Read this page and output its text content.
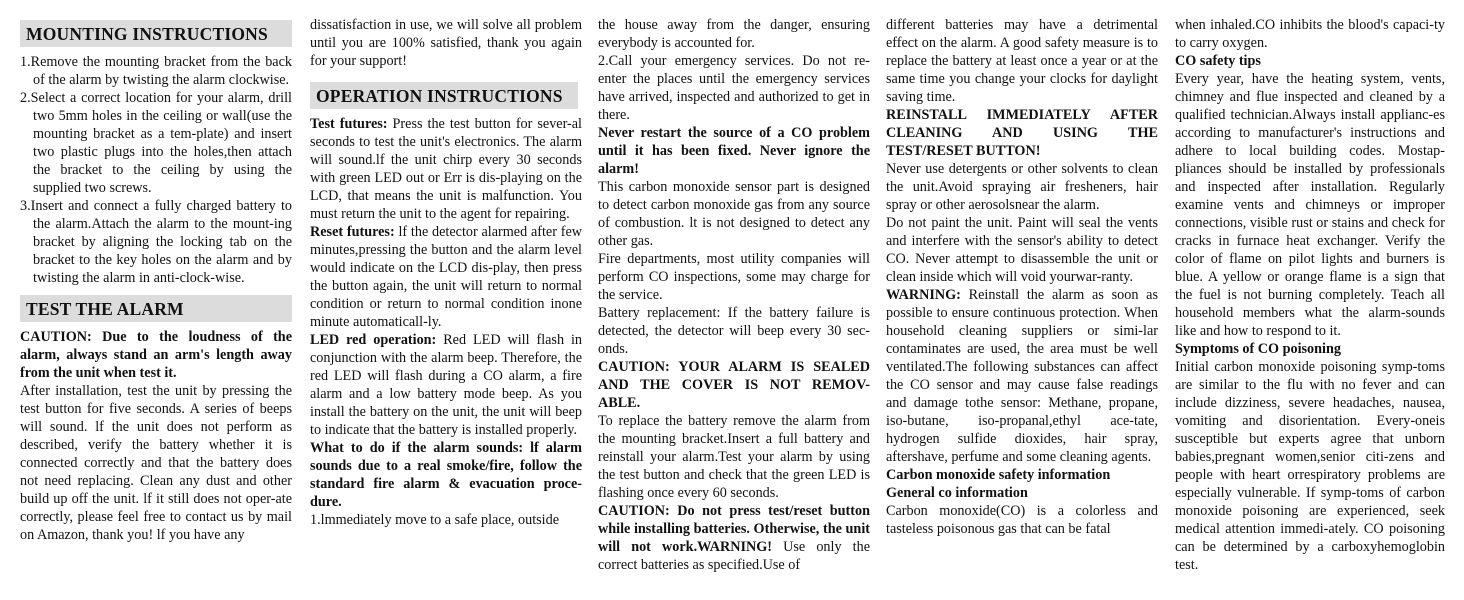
MOUNTING INSTRUCTIONS

1.Remove the mounting bracket from the back of the alarm by twisting the alarm clockwise.

2.Select a correct location for your alarm, drill two 5mm holes in the ceiling or wall(use the mounting bracket as a tem-plate) and insert two plastic plugs into the holes,then attach the bracket to the ceiling by using the supplied two screws.

3.Insert and connect a fully charged battery to the alarm.Attach the alarm to the mount-ing bracket by aligning the locking tab on the bracket to the key holes on the alarm and by twisting the alarm in anti-clock-wise.

TEST THE ALARM

CAUTION: Due to the loudness of the alarm, always stand an arm's length away from the unit when test it.

After installation, test the unit by pressing the test button for five seconds. A series of beeps will sound. lf the unit does not perform as described, verify the battery whether it is connected correctly and that the battery does not need replacing. Clean any dust and other build up off the unit. lf it still does not oper-ate correctly, please feel free to contact us by mail on Amazon, thank you! lf you have any

dissatisfaction in use, we will solve all problem until you are 100% satisfied, thank you again for your support!

OPERATION INSTRUCTIONS

Test futures: Press the test button for sever-al seconds to test the unit's electronics. The alarm will sound.lf the unit chirp every 30 seconds with green LED out or Err is dis-playing on the LCD, that means the unit is malfunction. You must return the unit to the agent for repairing.

Reset futures: lf the detector alarmed after few minutes,pressing the button and the alarm level would indicate on the LCD dis-play, then press the button again, the unit will return to normal condition or return to normal condition inone minute automaticall-ly.

LED red operation: Red LED will flash in conjunction with the alarm beep. Therefore, the red LED will flash during a CO alarm, a fire alarm and a low battery mode beep. As you install the battery on the unit, the unit will beep to indicate that the battery is installed properly.

What to do if the alarm sounds: lf alarm sounds due to a real smoke/fire, follow the standard fire alarm & evacuation proce-dure.

1.lmmediately move to a safe place, outside

the house away from the danger, ensuring everybody is accounted for.

2.Call your emergency services. Do not re-enter the places until the emergency services have arrived, inspected and authorized to get in there.

Never restart the source of a CO problem until it has been fixed. Never ignore the alarm!

This carbon monoxide sensor part is designed to detect carbon monoxide gas from any source of combustion. lt is not designed to detect any other gas.

Fire departments, most utility companies will perform CO inspections, some may charge for the service.

Battery replacement: If the battery failure is detected, the detector will beep every 30 sec-onds.

CAUTION: YOUR ALARM IS SEALED AND THE COVER IS NOT REMOV-ABLE.

To replace the battery remove the alarm from the mounting bracket.Insert a full battery and reinstall your alarm.Test your alarm by using the test button and check that the green LED is flashing once every 60 seconds.

CAUTION: Do not press test/reset button while installing batteries. Otherwise, the unit will not work.WARNING! Use only the correct batteries as specified.Use of

different batteries may have a detrimental effect on the alarm. A good safety measure is to replace the battery at least once a year or at the same time you change your clocks for daylight saving time.

REINSTALL IMMEDIATELY AFTER CLEANING AND USING THE TEST/RESET BUTTON!

Never use detergents or other solvents to clean the unit.Avoid spraying air fresheners, hair spray or other aerosolsnear the alarm.

Do not paint the unit. Paint will seal the vents and interfere with the sensor's ability to detect CO. Never attempt to disassemble the unit or clean inside which will void yourwar-ranty.

WARNING: Reinstall the alarm as soon as possible to ensure continuous protection. When household cleaning suppliers or simi-lar contaminates are used, the area must be well ventilated.The following substances can affect the CO sensor and may cause false readings and damage tothe sensor: Methane, propane, iso-butane, iso-propanal,ethyl ace-tate, hydrogen sulfide dioxides, hair spray, aftershave, perfume and some cleaning agents.

Carbon monoxide safety information

General co information

Carbon monoxide(CO) is a colorless and tasteless poisonous gas that can be fatal

when inhaled.CO inhibits the blood's capaci-ty to carry oxygen.

CO safety tips

Every year, have the heating system, vents, chimney and flue inspected and cleaned by a qualified technician.Always install applianc-es according to manufacturer's instructions and adhere to local building codes. Mostap-pliances should be installed by professionals and inspected after installation. Regularly examine vents and chimneys or improper connections, visible rust or stains and check for cracks in furnace heat exchanger. Verify the color of flame on pilot lights and burners is blue. A yellow or orange flame is a sign that the fuel is not burning completely. Teach all household members what the alarm-sounds like and how to respond to it.

Symptoms of CO poisoning

Initial carbon monoxide poisoning symp-toms are similar to the flu with no fever and can include dizziness, severe headaches, nausea, vomiting and disorientation. Every-oneis susceptible but experts agree that unborn babies,pregnant women,senior citi-zens and people with heart orrespiratory problems are especially vulnerable. If symp-toms of carbon monoxide poisoning are experienced, seek medical attention immedi-ately. CO poisoning can be determined by a carboxyhemoglobin test.
